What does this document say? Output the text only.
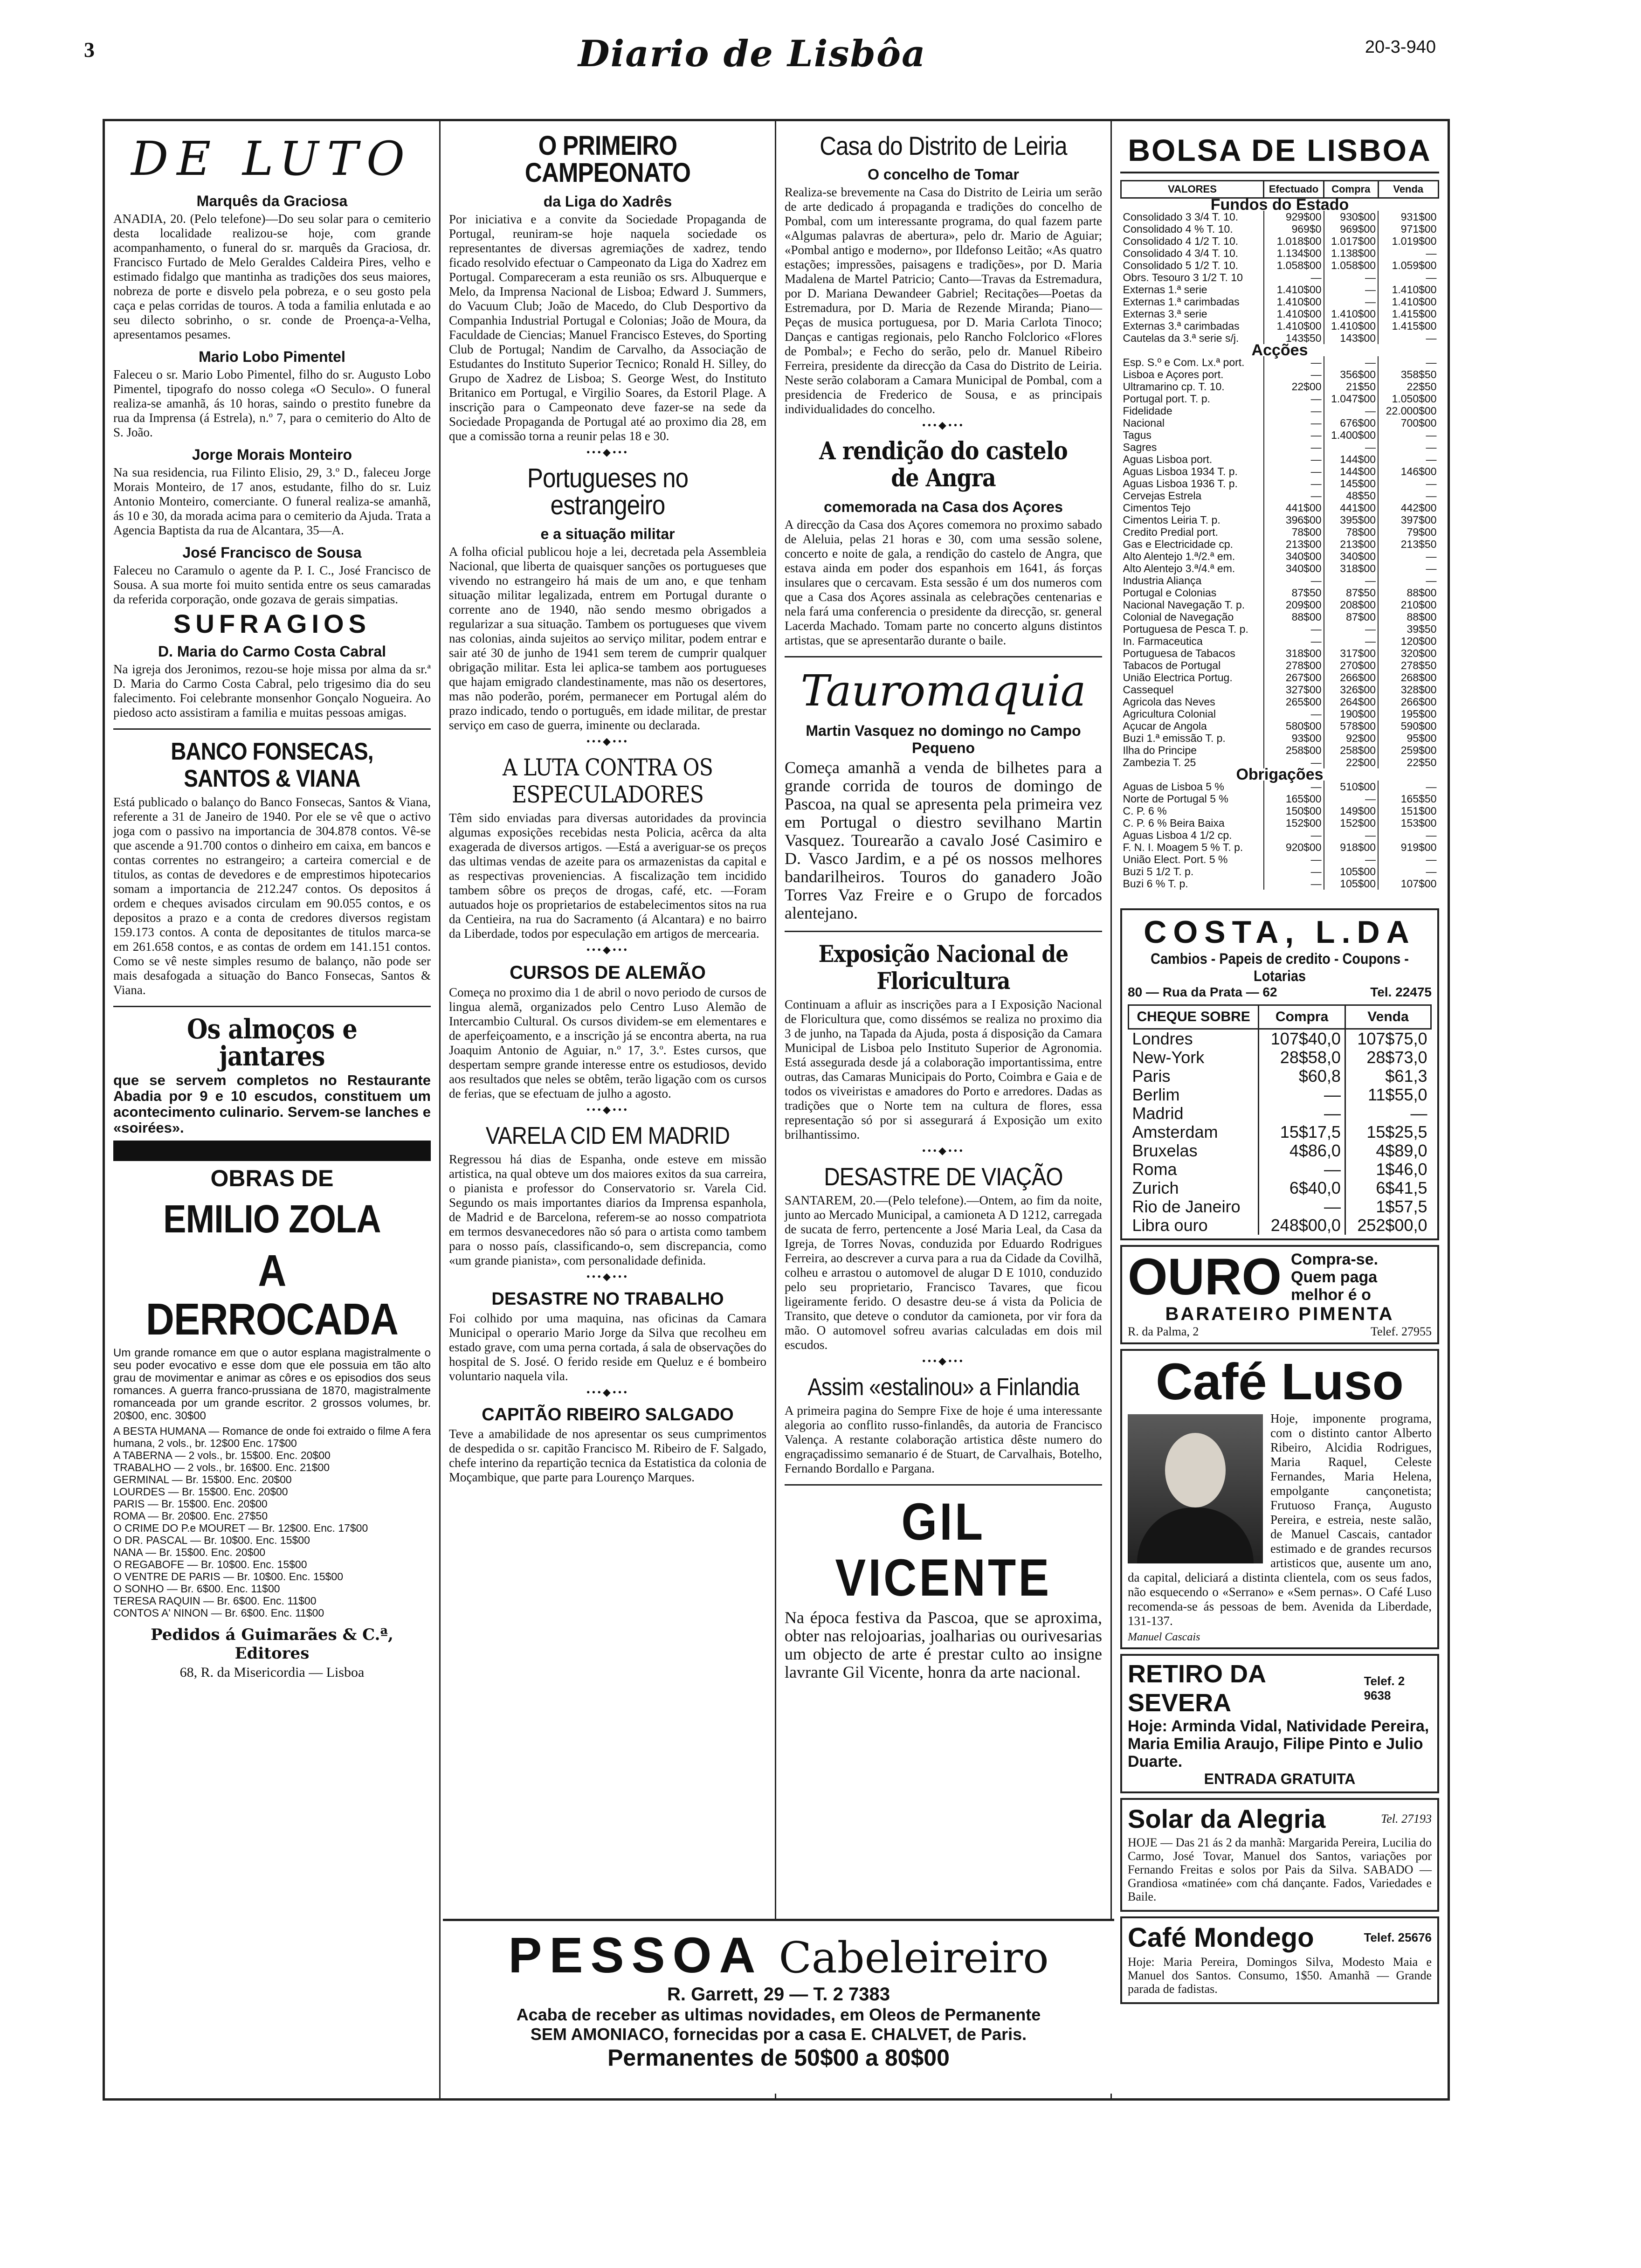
3	Diario de Lisbôa	20-3-940
DE LUTO
Marquês da Graciosa
ANADIA, 20. (Pelo telefone)—Do seu solar para o cemiterio desta localidade realizou-se hoje, com grande acompanhamento, o funeral do sr. marquês da Graciosa, dr. Francisco Furtado de Melo Geraldes Caldeira Pires, velho e estimado fidalgo que mantinha as tradições dos seus maiores, nobreza de porte e disvelo pela pobreza, e o seu gosto pela caça e pelas corridas de touros. A toda a familia enlutada e ao seu dilecto sobrinho, o sr. conde de Proença-a-Velha, apresentamos pesames.
Mario Lobo Pimentel
Faleceu o sr. Mario Lobo Pimentel, filho do sr. Augusto Lobo Pimentel, tipografo do nosso colega «O Seculo». O funeral realiza-se amanhã, ás 10 horas, saindo o prestito funebre da rua da Imprensa (á Estrela), n.º 7, para o cemiterio do Alto de S. João.
Jorge Morais Monteiro
Na sua residencia, rua Filinto Elisio, 29, 3.º D., faleceu Jorge Morais Monteiro, de 17 anos, estudante, filho do sr. Luiz Antonio Monteiro, comerciante. O funeral realiza-se amanhã, ás 10 e 30, da morada acima para o cemiterio da Ajuda. Trata a Agencia Baptista da rua de Alcantara, 35—A.
José Francisco de Sousa
Faleceu no Caramulo o agente da P. I. C., José Francisco de Sousa. A sua morte foi muito sentida entre os seus camaradas da referida corporação, onde gozava de gerais simpatias.
SUFRAGIOS
D. Maria do Carmo Costa Cabral
Na igreja dos Jeronimos, rezou-se hoje missa por alma da sr.ª D. Maria do Carmo Costa Cabral, pelo trigesimo dia do seu falecimento. Foi celebrante monsenhor Gonçalo Nogueira. Ao piedoso acto assistiram a familia e muitas pessoas amigas.
BANCO FONSECAS, SANTOS & VIANA
Está publicado o balanço do Banco Fonsecas, Santos & Viana, referente a 31 de Janeiro de 1940. Por ele se vê que o activo joga com o passivo na importancia de 304.878 contos. Vê-se que ascende a 91.700 contos o dinheiro em caixa, em bancos e contas correntes no estrangeiro; a carteira comercial e de titulos, as contas de devedores e de emprestimos hipotecarios somam a importancia de 212.247 contos. Os depositos á ordem e cheques avisados circulam em 90.055 contos, e os depositos a prazo e a conta de credores diversos registam 159.173 contos. A conta de depositantes de titulos marca-se em 261.658 contos, e as contas de ordem em 141.151 contos. Como se vê neste simples resumo de balanço, não pode ser mais desafogada a situação do Banco Fonsecas, Santos & Viana.
Os almoços e jantares
que se servem completos no Restaurante Abadia por 9 e 10 escudos, constituem um acontecimento culinario. Servem-se lanches e «soirées».
OBRAS DE
EMILIO ZOLA
A DERROCADA
Um grande romance em que o autor esplana magistralmente o seu poder evocativo e esse dom que ele possuia em tão alto grau de movimentar e animar as côres e os episodios dos seus romances. A guerra franco-prussiana de 1870, magistralmente romanceada por um grande escritor. 2 grossos volumes, br. 20$00, enc. 30$00
A BESTA HUMANA — Romance de onde foi extraido o filme A fera humana, 2 vols., br. 12$00 Enc. 17$00
A TABERNA — 2 vols., br. 15$00. Enc. 20$00
TRABALHO — 2 vols., br. 16$00. Enc. 21$00
GERMINAL — Br. 15$00. Enc. 20$00
LOURDES — Br. 15$00. Enc. 20$00
PARIS — Br. 15$00. Enc. 20$00
ROMA — Br. 20$00. Enc. 27$50
O CRIME DO P.e MOURET — Br. 12$00. Enc. 17$00
O DR. PASCAL — Br. 10$00. Enc. 15$00
NANA — Br. 15$00. Enc. 20$00
O REGABOFE — Br. 10$00. Enc. 15$00
O VENTRE DE PARIS — Br. 10$00. Enc. 15$00
O SONHO — Br. 6$00. Enc. 11$00
TERESA RAQUIN — Br. 6$00. Enc. 11$00
CONTOS A' NINON — Br. 6$00. Enc. 11$00
Pedidos á Guimarães & C.ª, Editores
68, R. da Misericordia — Lisboa
O PRIMEIRO CAMPEONATO
da Liga do Xadrês
Por iniciativa e a convite da Sociedade Propaganda de Portugal, reuniram-se hoje naquela sociedade os representantes de diversas agremiações de xadrez, tendo ficado resolvido efectuar o Campeonato da Liga do Xadrez em Portugal. Compareceram a esta reunião os srs. Albuquerque e Melo, da Imprensa Nacional de Lisboa; Edward J. Summers, do Vacuum Club; João de Macedo, do Club Desportivo da Companhia Industrial Portugal e Colonias; João de Moura, da Faculdade de Ciencias; Manuel Francisco Esteves, do Sporting Club de Portugal; Nandim de Carvalho, da Associação de Estudantes do Instituto Superior Tecnico; Ronald H. Silley, do Grupo de Xadrez de Lisboa; S. George West, do Instituto Britanico em Portugal, e Virgilio Soares, da Estoril Plage. A inscrição para o Campeonato deve fazer-se na sede da Sociedade Propaganda de Portugal até ao proximo dia 28, em que a comissão torna a reunir pelas 18 e 30.
•••◆•••
Portugueses no estrangeiro
e a situação militar
A folha oficial publicou hoje a lei, decretada pela Assembleia Nacional, que liberta de quaisquer sanções os portugueses que vivendo no estrangeiro há mais de um ano, e que tenham situação militar legalizada, entrem em Portugal durante o corrente ano de 1940, não sendo mesmo obrigados a regularizar a sua situação. Tambem os portugueses que vivem nas colonias, ainda sujeitos ao serviço militar, podem entrar e sair até 30 de junho de 1941 sem terem de cumprir qualquer obrigação militar. Esta lei aplica-se tambem aos portugueses que hajam emigrado clandestinamente, mas não os desertores, mas não poderão, porém, permanecer em Portugal além do prazo indicado, tendo o português, em idade militar, de prestar serviço em caso de guerra, iminente ou declarada.
•••◆•••
A LUTA CONTRA OS ESPECULADORES
Têm sido enviadas para diversas autoridades da provincia algumas exposições recebidas nesta Policia, acêrca da alta exagerada de diversos artigos. —Está a averiguar-se os preços das ultimas vendas de azeite para os armazenistas da capital e as respectivas proveniencias. A fiscalização tem incidido tambem sôbre os preços de drogas, café, etc. —Foram autuados hoje os proprietarios de estabelecimentos sitos na rua da Centieira, na rua do Sacramento (á Alcantara) e no bairro da Liberdade, todos por especulação em artigos de mercearia.
•••◆•••
CURSOS DE ALEMÃO
Começa no proximo dia 1 de abril o novo periodo de cursos de lingua alemã, organizados pelo Centro Luso Alemão de Intercambio Cultural. Os cursos dividem-se em elementares e de aperfeiçoamento, e a inscrição já se encontra aberta, na rua Joaquim Antonio de Aguiar, n.º 17, 3.º. Estes cursos, que despertam sempre grande interesse entre os estudiosos, devido aos resultados que neles se obtêm, terão ligação com os cursos de ferias, que se efectuam de julho a agosto.
•••◆•••
VARELA CID EM MADRID
Regressou há dias de Espanha, onde esteve em missão artistica, na qual obteve um dos maiores exitos da sua carreira, o pianista e professor do Conservatorio sr. Varela Cid. Segundo os mais importantes diarios da Imprensa espanhola, de Madrid e de Barcelona, referem-se ao nosso compatriota em termos desvanecedores não só para o artista como tambem para o nosso país, classificando-o, sem discrepancia, como «um grande pianista», com personalidade definida.
•••◆•••
DESASTRE NO TRABALHO
Foi colhido por uma maquina, nas oficinas da Camara Municipal o operario Mario Jorge da Silva que recolheu em estado grave, com uma perna cortada, á sala de observações do hospital de S. José. O ferido reside em Queluz e é bombeiro voluntario naquela vila.
•••◆•••
CAPITÃO RIBEIRO SALGADO
Teve a amabilidade de nos apresentar os seus cumprimentos de despedida o sr. capitão Francisco M. Ribeiro de F. Salgado, chefe interino da repartição tecnica da Estatistica da colonia de Moçambique, que parte para Lourenço Marques.
Casa do Distrito de Leiria
O concelho de Tomar
Realiza-se brevemente na Casa do Distrito de Leiria um serão de arte dedicado á propaganda e tradições do concelho de Pombal, com um interessante programa, do qual fazem parte «Algumas palavras de abertura», pelo dr. Mario de Aguiar; «Pombal antigo e moderno», por Ildefonso Leitão; «As quatro estações; impressões, paisagens e tradições», por D. Maria Madalena de Martel Patricio; Canto—Travas da Estremadura, por D. Mariana Dewandeer Gabriel; Recitações—Poetas da Estremadura, por D. Maria de Rezende Miranda; Piano—Peças de musica portuguesa, por D. Maria Carlota Tinoco; Danças e cantigas regionais, pelo Rancho Folclorico «Flores de Pombal»; e Fecho do serão, pelo dr. Manuel Ribeiro Ferreira, presidente da direcção da Casa do Distrito de Leiria. Neste serão colaboram a Camara Municipal de Pombal, com a presidencia de Frederico de Sousa, e as principais individualidades do concelho.
•••◆•••
A rendição do castelo de Angra
comemorada na Casa dos Açores
A direcção da Casa dos Açores comemora no proximo sabado de Aleluia, pelas 21 horas e 30, com uma sessão solene, concerto e noite de gala, a rendição do castelo de Angra, que estava ainda em poder dos espanhois em 1641, ás forças insulares que o cercavam. Esta sessão é um dos numeros com que a Casa dos Açores assinala as celebrações centenarias e nela fará uma conferencia o presidente da direcção, sr. general Lacerda Machado. Tomam parte no concerto alguns distintos artistas, que se apresentarão durante o baile.
Tauromaquia
Martin Vasquez no domingo no Campo Pequeno
Começa amanhã a venda de bilhetes para a grande corrida de touros de domingo de Pascoa, na qual se apresenta pela primeira vez em Portugal o diestro sevilhano Martin Vasquez. Tourearão a cavalo José Casimiro e D. Vasco Jardim, e a pé os nossos melhores bandarilheiros. Touros do ganadero João Torres Vaz Freire e o Grupo de forcados alentejano.
Exposição Nacional de Floricultura
Continuam a afluir as inscrições para a I Exposição Nacional de Floricultura que, como dissémos se realiza no proximo dia 3 de junho, na Tapada da Ajuda, posta á disposição da Camara Municipal de Lisboa pelo Instituto Superior de Agronomia. Está assegurada desde já a colaboração importantissima, entre outras, das Camaras Municipais do Porto, Coimbra e Gaia e de todos os viveiristas e amadores do Porto e arredores. Dadas as tradições que o Norte tem na cultura de flores, essa representação só por si assegurará á Exposição um exito brilhantissimo.
•••◆•••
DESASTRE DE VIAÇÃO
SANTAREM, 20.—(Pelo telefone).—Ontem, ao fim da noite, junto ao Mercado Municipal, a camioneta A D 1212, carregada de sucata de ferro, pertencente a José Maria Leal, da Casa da Igreja, de Torres Novas, conduzida por Eduardo Rodrigues Ferreira, ao descrever a curva para a rua da Cidade da Covilhã, colheu e arrastou o automovel de alugar D E 1010, conduzido pelo seu proprietario, Francisco Tavares, que ficou ligeiramente ferido. O desastre deu-se á vista da Policia de Transito, que deteve o condutor da camioneta, por vir fora da mão. O automovel sofreu avarias calculadas em dois mil escudos.
•••◆•••
Assim «estalinou» a Finlandia
A primeira pagina do Sempre Fixe de hoje é uma interessante alegoria ao conflito russo-finlandês, da autoria de Francisco Valença. A restante colaboração artistica dêste numero do engraçadissimo semanario é de Stuart, de Carvalhais, Botelho, Fernando Bordallo e Pargana.
GIL VICENTE
Na época festiva da Pascoa, que se aproxima, obter nas relojoarias, joalharias ou ourivesarias um objecto de arte é prestar culto ao insigne lavrante Gil Vicente, honra da arte nacional.
BOLSA DE LISBOA
VALORES	Efectuado	Compra	Venda
Fundos do Estado			
Consolidado 3 3/4 T. 10.	929$00	930$00	931$00
Consolidado 4 % T. 10.	969$0	969$00	971$00
Consolidado 4 1/2 T. 10.	1.018$00	1.017$00	1.019$00
Consolidado 4 3/4 T. 10.	1.134$00	1.138$00	—
Consolidado 5 1/2 T. 10.	1.058$00	1.058$00	1.059$00
Obrs. Tesouro 3 1/2 T. 10	—	—	—
Externas 1.ª serie	1.410$00	—	1.410$00
Externas 1.ª carimbadas	1.410$00	—	1.410$00
Externas 3.ª serie	1.410$00	1.410$00	1.415$00
Externas 3.ª carimbadas	1.410$00	1.410$00	1.415$00
Cautelas da 3.ª serie s/j.	143$50	143$00	—
Acções			
Esp. S.º e Com. Lx.ª port.	—	—	—
Lisboa e Açores port.	—	356$00	358$50
Ultramarino cp. T. 10.	22$00	21$50	22$50
Portugal port. T. p.	—	1.047$00	1.050$00
Fidelidade	—	—	22.000$00
Nacional	—	676$00	700$00
Tagus	—	1.400$00	—
Sagres	—	—	—
Aguas Lisboa port.	—	144$00	—
Aguas Lisboa 1934 T. p.	—	144$00	146$00
Aguas Lisboa 1936 T. p.	—	145$00	—
Cervejas Estrela	—	48$50	—
Cimentos Tejo	441$00	441$00	442$00
Cimentos Leiria T. p.	396$00	395$00	397$00
Credito Predial port.	78$00	78$00	79$00
Gas e Electricidade cp.	213$00	213$00	213$50
Alto Alentejo 1.ª/2.ª em.	340$00	340$00	—
Alto Alentejo 3.ª/4.ª em.	340$00	318$00	—
Industria Aliança	—	—	—
Portugal e Colonias	87$50	87$50	88$00
Nacional Navegação T. p.	209$00	208$00	210$00
Colonial de Navegação	88$00	87$00	88$00
Portuguesa de Pesca T. p.	—	—	39$50
In. Farmaceutica	—	—	120$00
Portuguesa de Tabacos	318$00	317$00	320$00
Tabacos de Portugal	278$00	270$00	278$50
União Electrica Portug.	267$00	266$00	268$00
Cassequel	327$00	326$00	328$00
Agricola das Neves	265$00	264$00	266$00
Agricultura Colonial	—	190$00	195$00
Açucar de Angola	580$00	578$00	590$00
Buzi 1.ª emissão T. p.	93$00	92$00	95$00
Ilha do Principe	258$00	258$00	259$00
Zambezia T. 25	—	22$00	22$50
Obrigações			
Aguas de Lisboa 5 %	—	510$00	—
Norte de Portugal 5 %	165$00	—	165$50
C. P. 6 %	150$00	149$00	151$00
C. P. 6 % Beira Baixa	152$00	152$00	153$00
Aguas Lisboa 4 1/2 cp.	—	—	—
F. N. I. Moagem 5 % T. p.	920$00	918$00	919$00
União Elect. Port. 5 %	—	—	—
Buzi 5 1/2 T. p.	—	105$00	—
Buzi 6 % T. p.	—	105$00	107$00
COSTA, L.DA
Cambios - Papeis de credito - Coupons - Lotarias
80 — Rua da Prata — 62	Tel. 22475
CHEQUE SOBRE	Compra	Venda
Londres	107$40,0	107$75,0
New-York	28$58,0	28$73,0
Paris	$60,8	$61,3
Berlim	—	11$55,0
Madrid	—	—
Amsterdam	15$17,5	15$25,5
Bruxelas	4$86,0	4$89,0
Roma	—	1$46,0
Zurich	6$40,0	6$41,5
Rio de Janeiro	—	1$57,5
Libra ouro	248$00,0	252$00,0
OURO Compra-se.
Quem paga melhor é o
BARATEIRO PIMENTA
R. da Palma, 2	Telef. 27955
Café Luso
Hoje, imponente programa, com o distinto cantor Alberto Ribeiro, Alcidia Rodrigues, Maria Raquel, Celeste Fernandes, Maria Helena, empolgante cançonetista; Frutuoso França, Augusto Pereira, e estreia, neste salão, de Manuel Cascais, cantador estimado e de grandes recursos artisticos que, ausente um ano, da capital, deliciará a distinta clientela, com os seus fados, não esquecendo o «Serrano» e «Sem pernas». O Café Luso recomenda-se ás pessoas de bem. Avenida da Liberdade, 131-137.
Manuel Cascais
RETIRO DA SEVERA
Telef. 2 9638
Hoje: Arminda Vidal, Natividade Pereira, Maria Emilia Araujo, Filipe Pinto e Julio Duarte.
ENTRADA GRATUITA
Solar da Alegria	Tel. 27193
HOJE — Das 21 ás 2 da manhã: Margarida Pereira, Lucilia do Carmo, José Tovar, Manuel dos Santos, variações por Fernando Freitas e solos por Pais da Silva. SABADO — Grandiosa «matinée» com chá dançante. Fados, Variedades e Baile.
Café Mondego	Telef. 25676
Hoje: Maria Pereira, Domingos Silva, Modesto Maia e Manuel dos Santos. Consumo, 1$50. Amanhã — Grande parada de fadistas.
PESSOA Cabeleireiro
R. Garrett, 29 — T. 2 7383
Acaba de receber as ultimas novidades, em Oleos de Permanente
SEM AMONIACO, fornecidas por a casa E. CHALVET, de Paris.
Permanentes de 50$00 a 80$00
